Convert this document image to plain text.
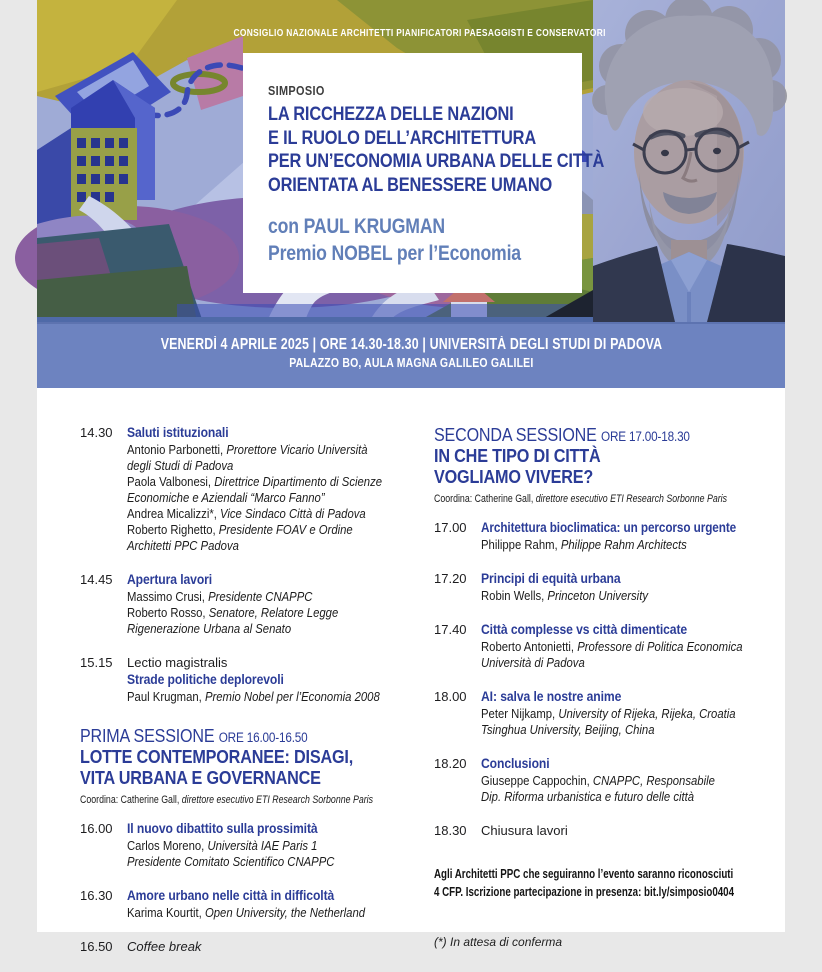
CONSIGLIO NAZIONALE ARCHITETTI PIANIFICATORI PAESAGGISTI E CONSERVATORI
SIMPOSIO
LA RICCHEZZA DELLE NAZIONI
E IL RUOLO DELL’ARCHITETTURA
PER UN’ECONOMIA URBANA DELLE CITTÀ
ORIENTATA AL BENESSERE UMANO
con PAUL KRUGMAN
Premio NOBEL per l’Economia
VENERDÌ 4 APRILE 2025 | ORE 14.30-18.30 | UNIVERSITÀ DEGLI STUDI DI PADOVA
PALAZZO BO, AULA MAGNA GALILEO GALILEI
14.30	Saluti istituzionali
Antonio Parbonetti, Prorettore Vicario Università
degli Studi di Padova
Paola Valbonesi, Direttrice Dipartimento di Scienze
Economiche e Aziendali “Marco Fanno”
Andrea Micalizzi*, Vice Sindaco Città di Padova
Roberto Righetto, Presidente FOAV e Ordine
Architetti PPC Padova
14.45	Apertura lavori
Massimo Crusi, Presidente CNAPPC
Roberto Rosso, Senatore, Relatore Legge
Rigenerazione Urbana al Senato
15.15	Lectio magistralis
Strade politiche deplorevoli
Paul Krugman, Premio Nobel per l’Economia 2008
PRIMA SESSIONE ORE 16.00-16.50
LOTTE CONTEMPORANEE: DISAGI,
VITA URBANA E GOVERNANCE
Coordina: Catherine Gall, direttore esecutivo ETI Research Sorbonne Paris
16.00	Il nuovo dibattito sulla prossimità
Carlos Moreno, Università IAE Paris 1
Presidente Comitato Scientifico CNAPPC
16.30	Amore urbano nelle città in difficoltà
Karima Kourtit, Open University, the Netherland
16.50	Coffee break
SECONDA SESSIONE ORE 17.00-18.30
IN CHE TIPO DI CITTÀ
VOGLIAMO VIVERE?
Coordina: Catherine Gall, direttore esecutivo ETI Research Sorbonne Paris
17.00	Architettura bioclimatica: un percorso urgente
Philippe Rahm, Philippe Rahm Architects
17.20	Principi di equità urbana
Robin Wells, Princeton University
17.40	Città complesse vs città dimenticate
Roberto Antonietti, Professore di Politica Economica
Università di Padova
18.00	AI: salva le nostre anime
Peter Nijkamp, University of Rijeka, Rijeka, Croatia
Tsinghua University, Beijing, China
18.20	Conclusioni
Giuseppe Cappochin, CNAPPC, Responsabile
Dip. Riforma urbanistica e futuro delle città
18.30	Chiusura lavori
Agli Architetti PPC che seguiranno l’evento saranno riconosciuti
4 CFP. Iscrizione partecipazione in presenza: bit.ly/simposio0404
(*) In attesa di conferma
